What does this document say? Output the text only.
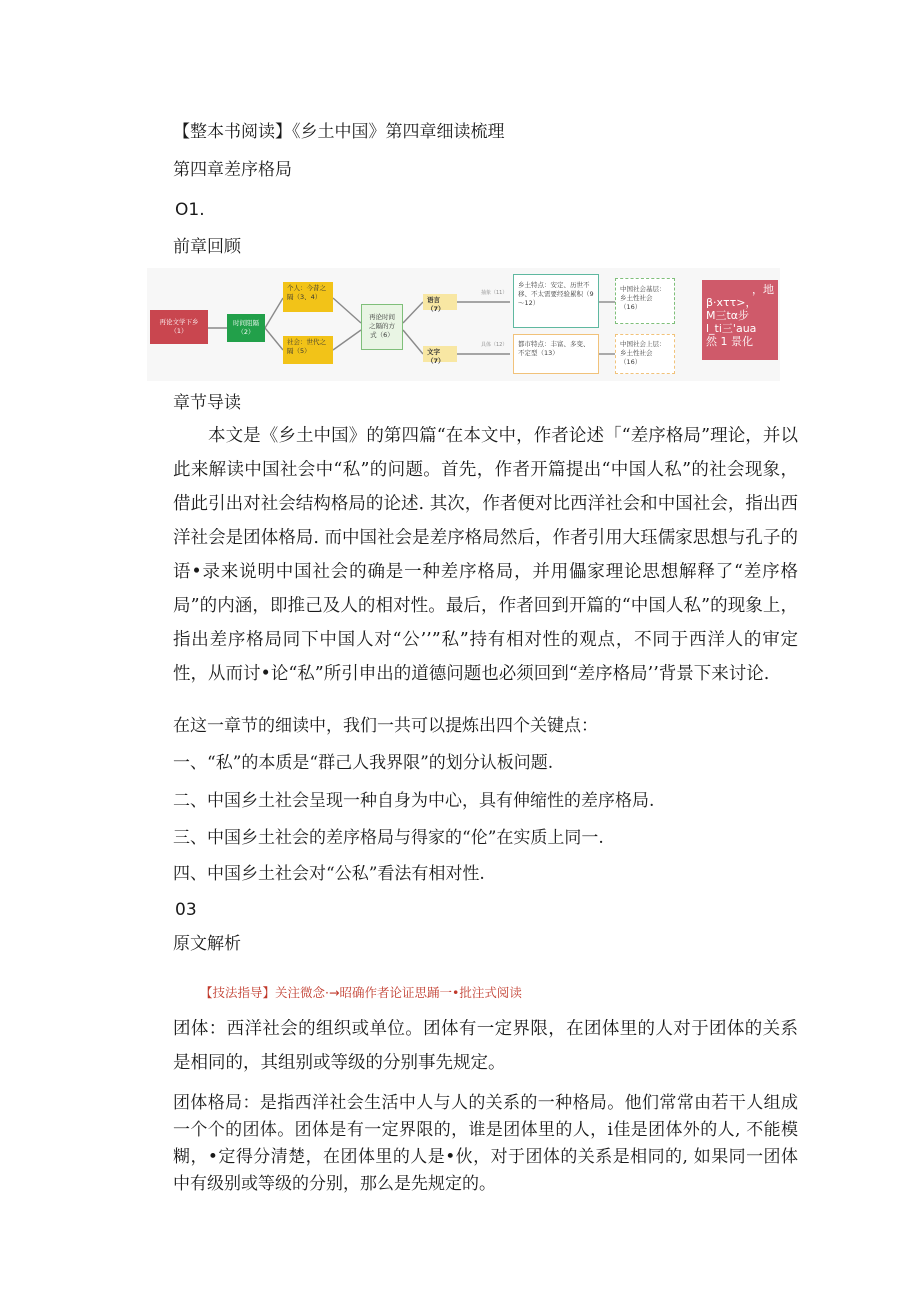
【整本书阅读】《乡土中国》第四章细读梳理
第四章差序格局
O1.
前章回顾
再论文学下乡（1）
时间阻隔（2）
个人：今昔之隔（3、4）
社会：世代之隔（5）
再论时间之隔的方式（6）
语言（7）
文字（7）
抽象（11）
具体（12）
乡土特点：安定、历世不移、不太需要经验累积（9～12）
都市特点：丰富、多变、不定型（13）
中国社会基层：乡土性社会（16）
中国社会上层：乡土性社会（16）
，地
β·xττ>，
M三tα步
l_ti三'aua
然 1 景化
章节导读
本文是《乡土中国》的第四篇“在本文中，作者论述「“差序格局”理论，并以此来解读中国社会中“私”的问题。首先，作者开篇提出“中国人私”的社会现象，借此引出对社会结构格局的论述. 其次，作者便对比西洋社会和中国社会，指出西洋社会是团体格局. 而中国社会是差序格局然后，作者引用大珏儒家思想与孔子的语•录来说明中国社会的确是一种差序格局，并用儡家理论思想解释了“差序格局”的内涵，即推己及人的相对性。最后，作者回到开篇的“中国人私”的现象上，指出差序格局同下中国人对“公’’”私”持有相对性的观点，不同于西洋人的审定性，从而讨•论“私”所引申出的道德问题也必须回到“差序格局’’背景下来讨论.
在这一章节的细读中，我们一共可以提炼出四个关键点：
一、“私”的本质是“群己人我界限”的划分认板问题.
二、中国乡土社会呈现一种自身为中心，具有伸缩性的差序格局.
三、中国乡土社会的差序格局与得家的“伦”在实质上同一.
四、中国乡土社会对“公私”看法有相对性.
03
原文解析
【技法指导】关注微念·→昭确作者论证思踊一•批注式阅读
团体：西洋社会的组织或单位。团体有一定界限，在团体里的人对于团体的关系是相同的，其组别或等级的分别事先规定。
团体格局：是指西洋社会生活中人与人的关系的一种格局。他们常常由若干人组成一个个的团体。团体是有一定界限的，谁是团体里的人，i佳是团体外的人, 不能模糊，•定得分清楚，在团体里的人是•伙，对于团体的关系是相同的, 如果同一团体中有级别或等级的分别，那么是先规定的。
